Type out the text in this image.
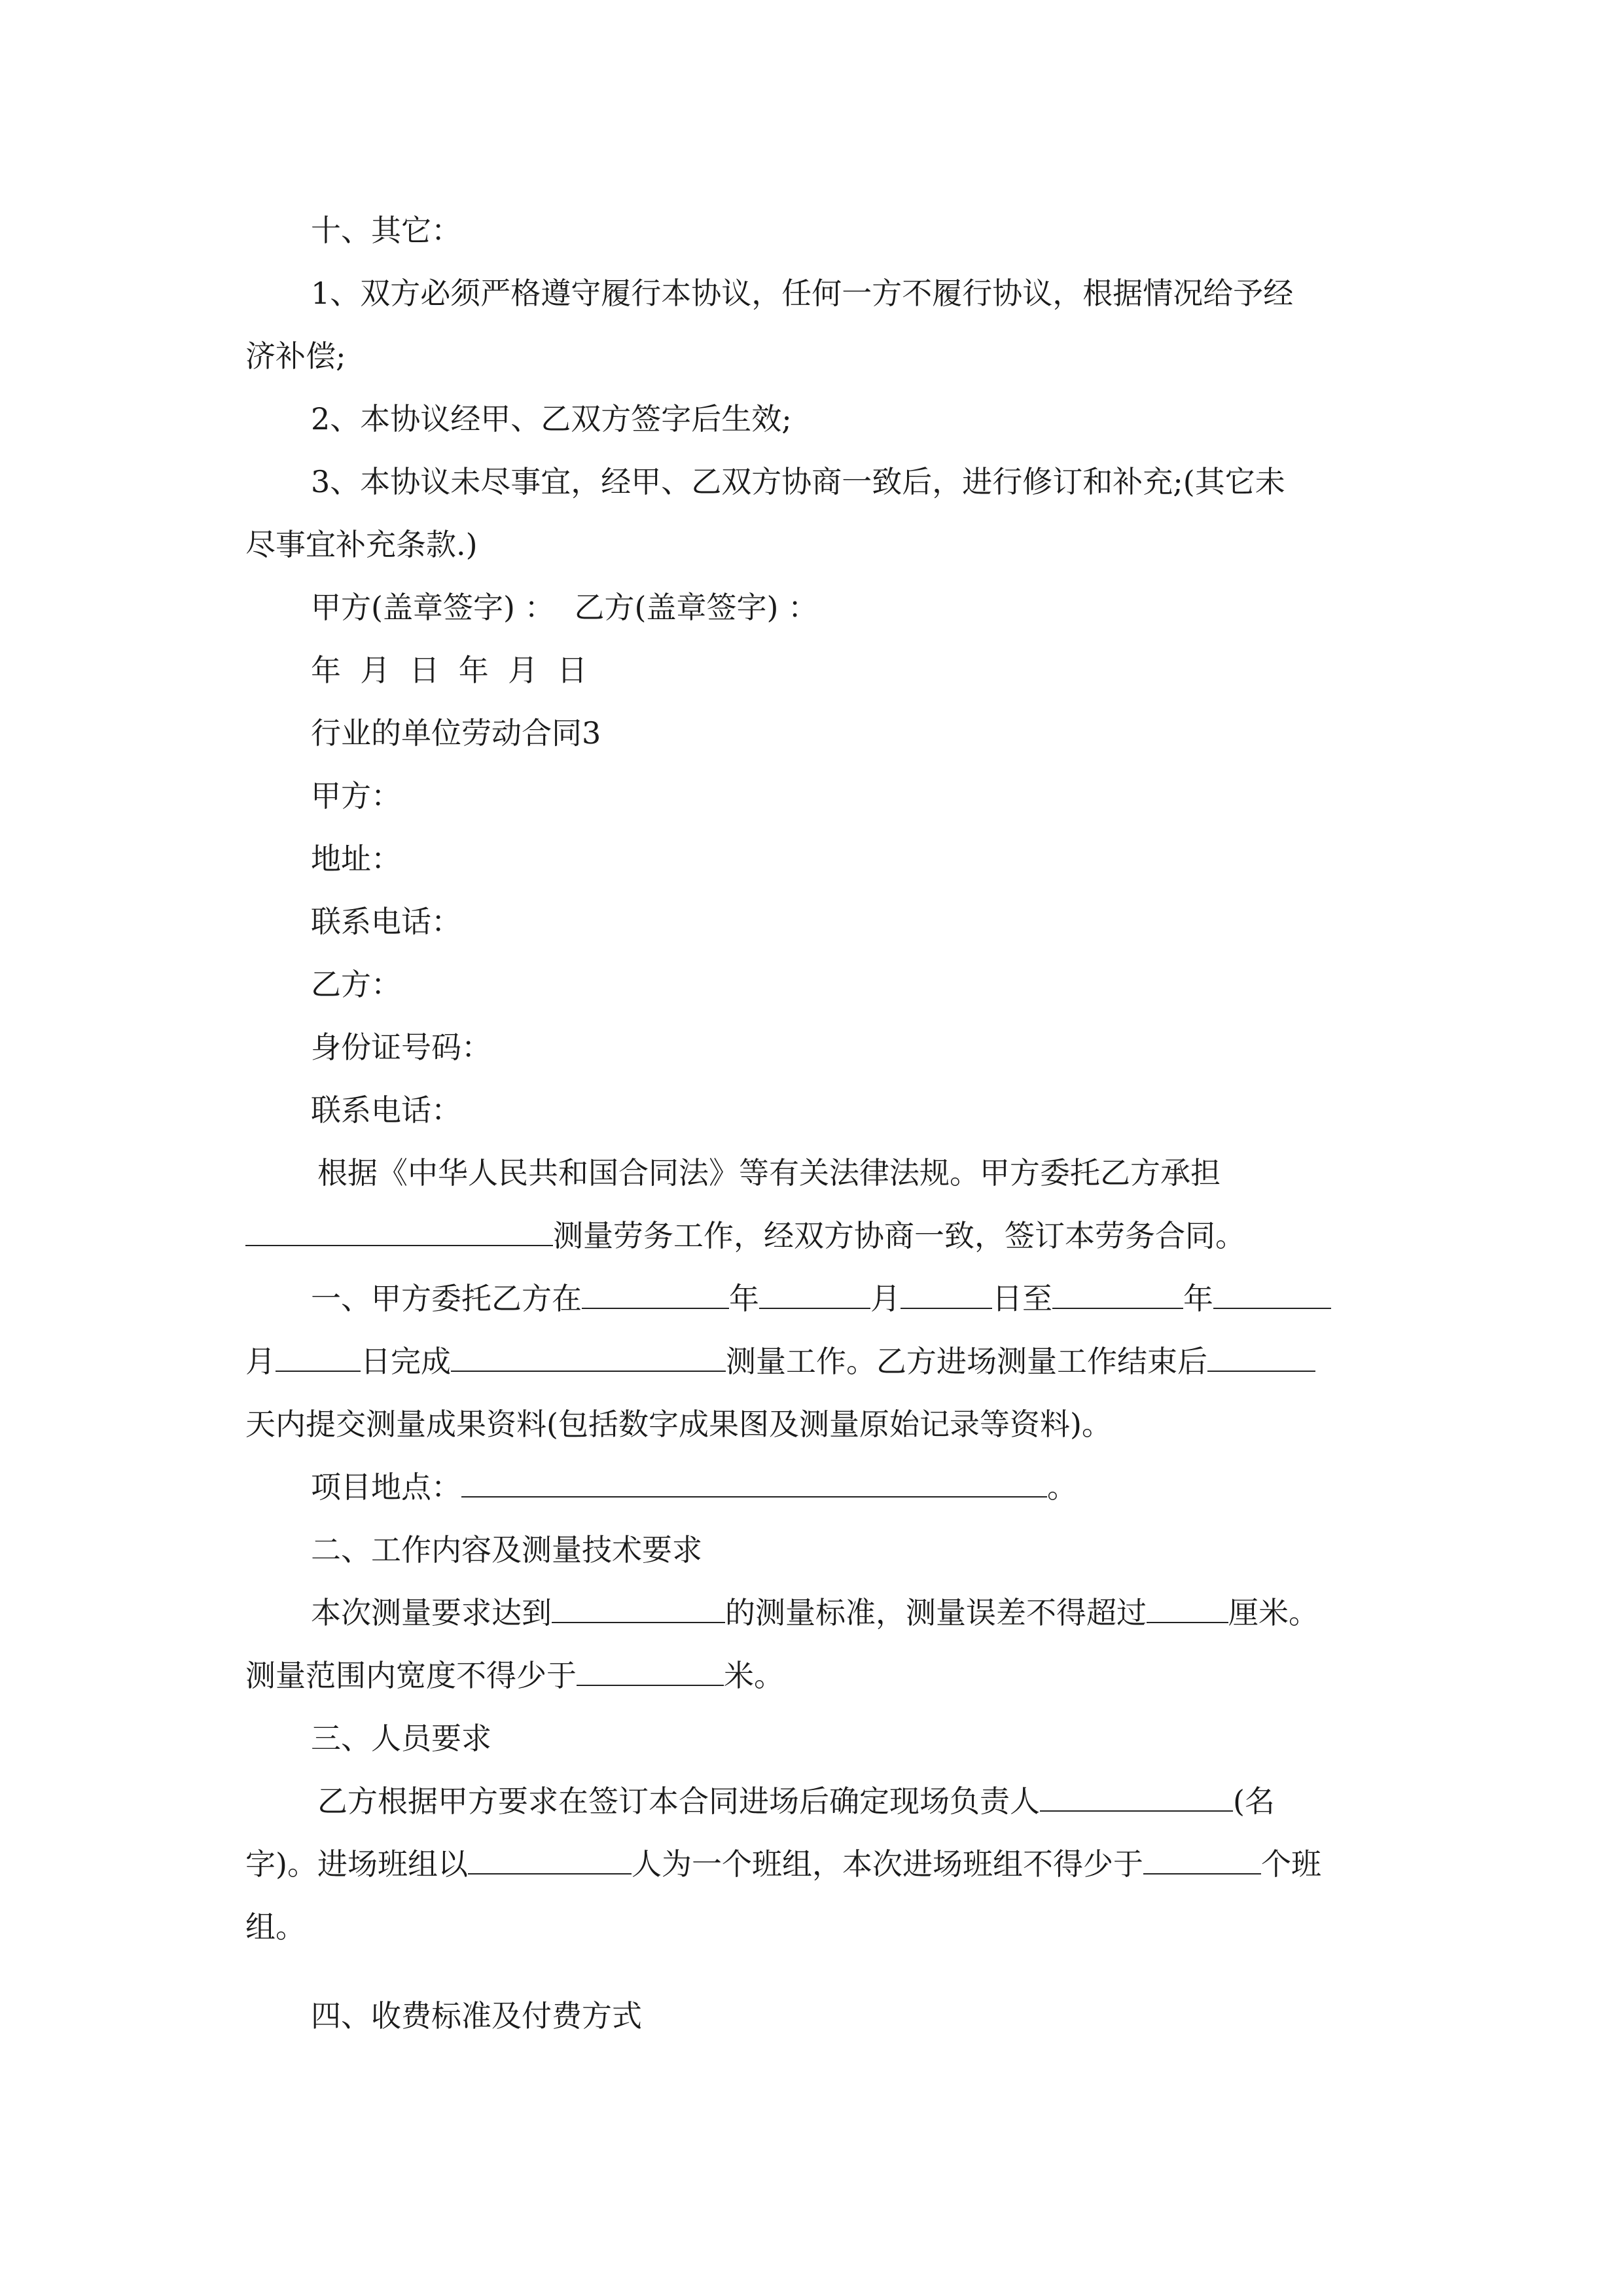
十、其它：
1、双方必须严格遵守履行本协议，任何一方不履行协议，根据情况给予经
济补偿;
2、本协议经甲、乙双方签字后生效;
3、本协议未尽事宜，经甲、乙双方协商一致后，进行修订和补充;(其它未
尽事宜补充条款.)
甲方(盖章签字) ： 乙方(盖章签字) ：
年  月  日  年  月  日
行业的单位劳动合同3
甲方：
地址：
联系电话：
乙方：
身份证号码：
联系电话：
根据《中华人民共和国合同法》等有关法律法规。甲方委托乙方承担
测量劳务工作，经双方协商一致，签订本劳务合同。
一、甲方委托乙方在	年	月	日至	年
月	日完成	测量工作。乙方进场测量工作结束后
天内提交测量成果资料(包括数字成果图及测量原始记录等资料)。
项目地点：	。
二、工作内容及测量技术要求
本次测量要求达到	的测量标准，测量误差不得超过	厘米。
测量范围内宽度不得少于	米。
三、人员要求
乙方根据甲方要求在签订本合同进场后确定现场负责人	(名
字)。进场班组以	人为一个班组，本次进场班组不得少于	个班
组。
四、收费标准及付费方式
